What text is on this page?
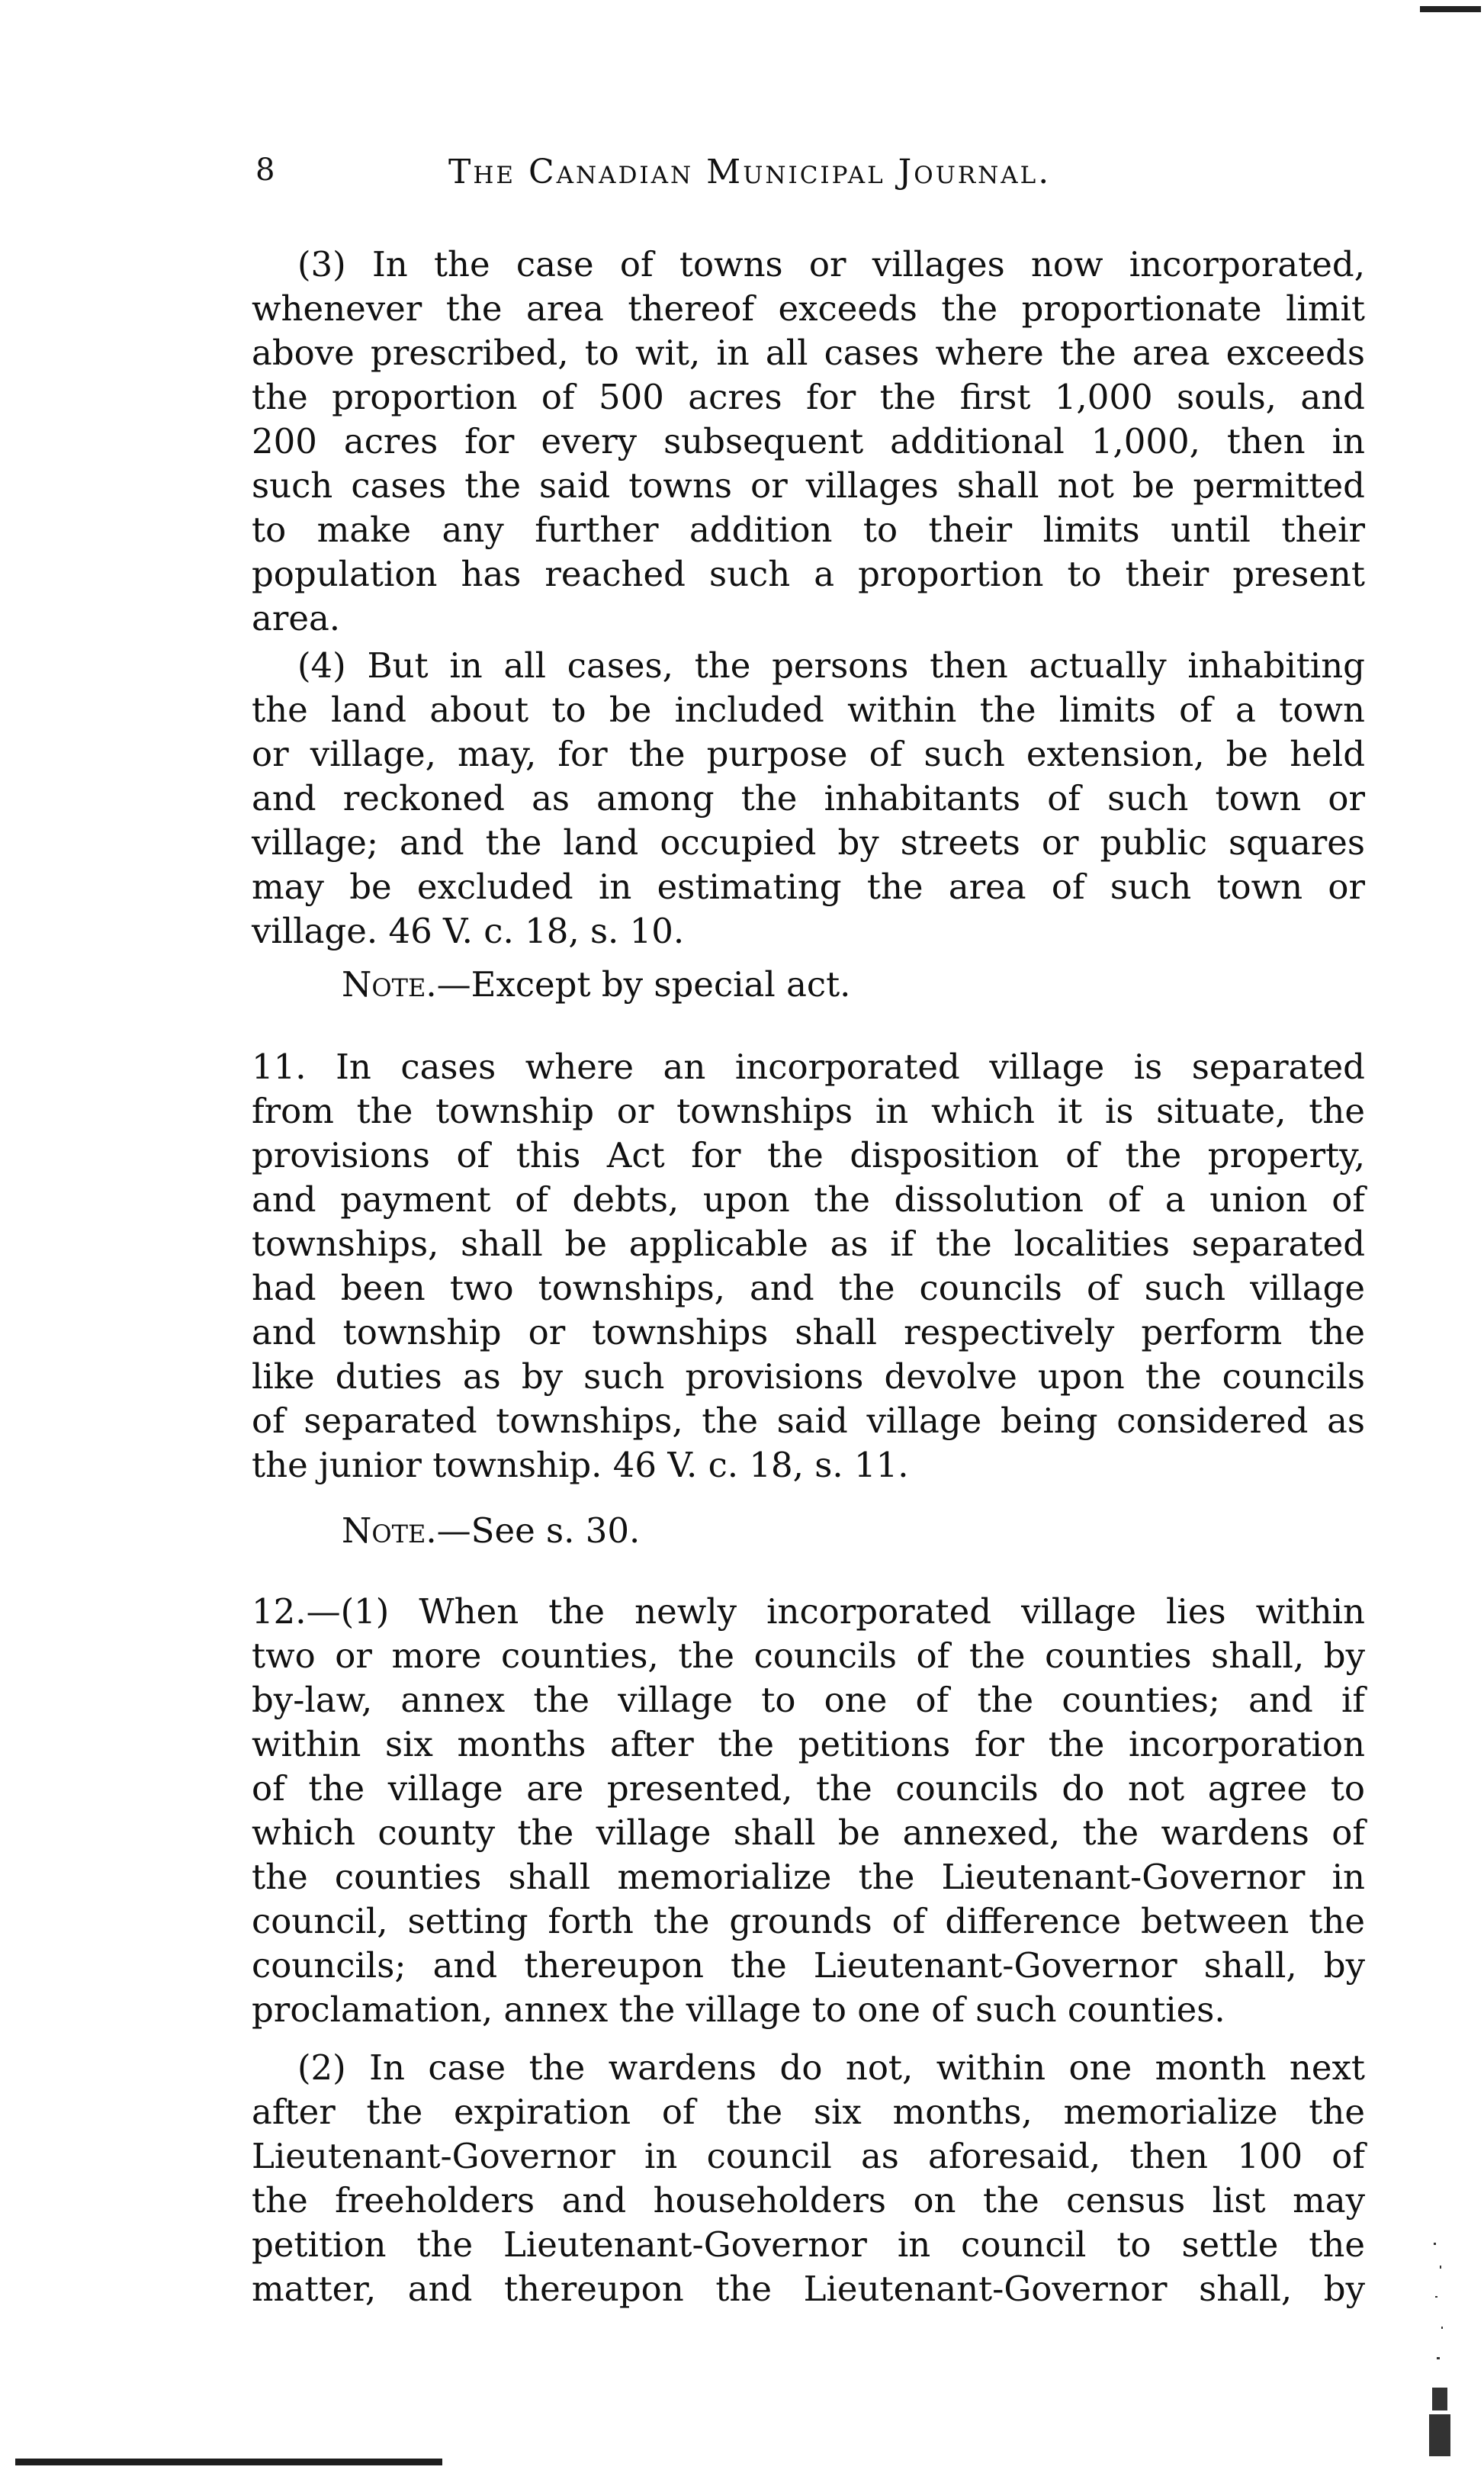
8	The Canadian Municipal Journal.
(3) In the case of towns or villages now incorporated,
whenever the area thereof exceeds the proportionate limit
above prescribed, to wit, in all cases where the area exceeds
the proportion of 500 acres for the first 1,000 souls, and
200 acres for every subsequent additional 1,000, then in
such cases the said towns or villages shall not be permitted
to make any further addition to their limits until their
population has reached such a proportion to their present
area.
(4) But in all cases, the persons then actually inhabiting
the land about to be included within the limits of a town
or village, may, for the purpose of such extension, be held
and reckoned as among the inhabitants of such town or
village; and the land occupied by streets or public squares
may be excluded in estimating the area of such town or
village. 46 V. c. 18, s. 10.
Note.—Except by special act.
11. In cases where an incorporated village is separated
from the township or townships in which it is situate, the
provisions of this Act for the disposition of the property,
and payment of debts, upon the dissolution of a union of
townships, shall be applicable as if the localities separated
had been two townships, and the councils of such village
and township or townships shall respectively perform the
like duties as by such provisions devolve upon the councils
of separated townships, the said village being considered as
the junior township. 46 V. c. 18, s. 11.
Note.—See s. 30.
12.—(1) When the newly incorporated village lies within
two or more counties, the councils of the counties shall, by
by-law, annex the village to one of the counties; and if
within six months after the petitions for the incorporation
of the village are presented, the councils do not agree to
which county the village shall be annexed, the wardens of
the counties shall memorialize the Lieutenant-Governor in
council, setting forth the grounds of difference between the
councils; and thereupon the Lieutenant-Governor shall, by
proclamation, annex the village to one of such counties.
(2) In case the wardens do not, within one month next
after the expiration of the six months, memorialize the
Lieutenant-Governor in council as aforesaid, then 100 of
the freeholders and householders on the census list may
petition the Lieutenant-Governor in council to settle the
matter, and thereupon the Lieutenant-Governor shall, by
